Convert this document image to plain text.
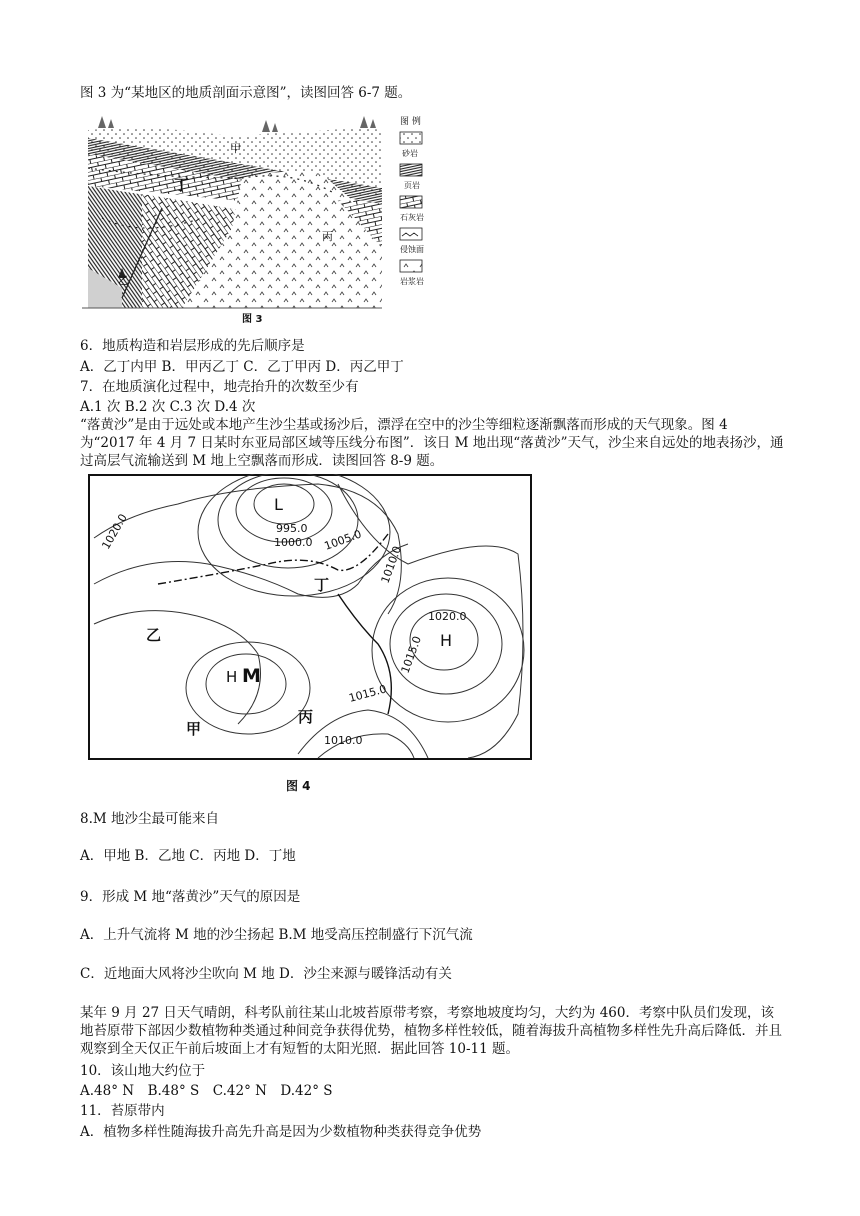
图 3 为“某地区的地质剖面示意图”，读图回答 6-7 题。
甲
丁
丙
乙
图 例
砂岩
页岩
石灰岩
侵蚀面
岩浆岩
图 3
6．地质构造和岩层形成的先后顺序是
A．乙丁内甲 B．甲丙乙丁 C．乙丁甲丙 D．丙乙甲丁
7．在地质演化过程中，地壳抬升的次数至少有
A.1 次 B.2 次 C.3 次 D.4 次
“落黄沙”是由于远处或本地产生沙尘基或扬沙后，漂浮在空中的沙尘等细粒逐渐飘落而形成的天气现象。图 4 为“2017 年 4 月 7 日某时东亚局部区域等压线分布图”．该日 M 地出现“落黄沙”天气，沙尘来自远处的地表扬沙，通过高层气流输送到 M 地上空飘落而形成．读图回答 8-9 题。
995.0
1000.0 1005.0
1010.0
1020.0
1020.0
1015.0
1015.0
1010.0
L
H
H M
丁
乙
甲
丙
图 4
8.M 地沙尘最可能来自
A．甲地 B．乙地 C．丙地 D．丁地
9．形成 M 地“落黄沙”天气的原因是
A．上升气流将 M 地的沙尘扬起 B.M 地受高压控制盛行下沉气流
C．近地面大风将沙尘吹向 M 地 D．沙尘来源与暖锋活动有关
某年 9 月 27 日天气晴朗，科考队前往某山北坡苔原带考察，考察地坡度均匀，大约为 460．考察中队员们发现，该地苔原带下部因少数植物种类通过种间竞争获得优势，植物多样性较低，随着海拔升高植物多样性先升高后降低．并且观察到全天仅正午前后坡面上才有短暂的太阳光照．据此回答 10-11 题。
10．该山地大约位于
A.48° N　B.48° S　C.42° N　D.42° S
11．苔原带内
A．植物多样性随海拔升高先升高是因为少数植物种类获得竞争优势
